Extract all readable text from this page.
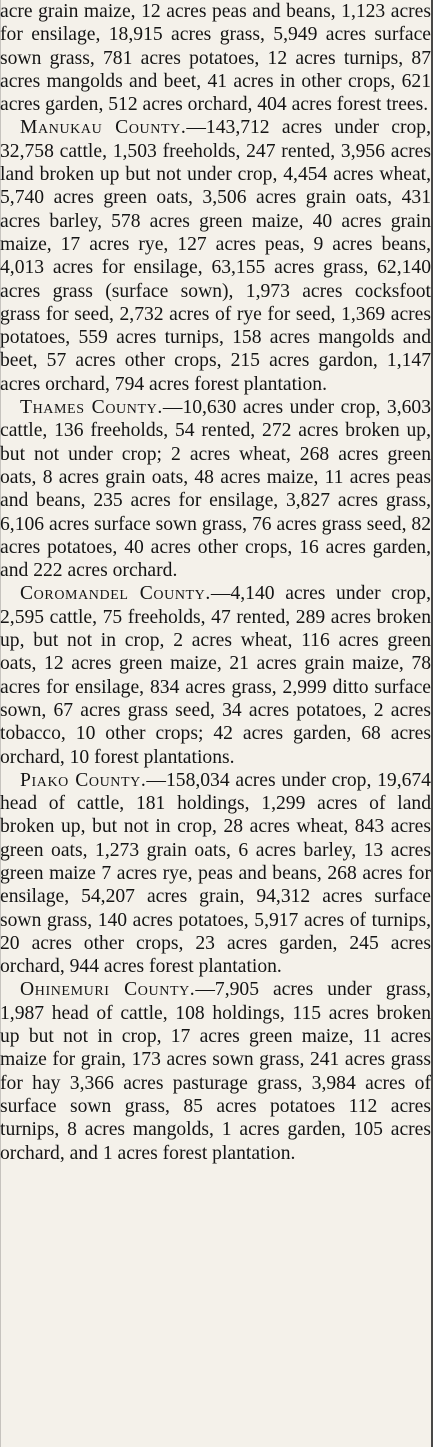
acre grain maize, 12 acres peas and beans, 1,123 acres for ensilage, 18,915 acres grass, 5,949 acres surface sown grass, 781 acres potatoes, 12 acres turnips, 87 acres mangolds and beet, 41 acres in other crops, 621 acres garden, 512 acres orchard, 404 acres forest trees.

Manukau County.—143,712 acres under crop, 32,758 cattle, 1,503 freeholds, 247 rented, 3,956 acres land broken up but not under crop, 4,454 acres wheat, 5,740 acres green oats, 3,506 acres grain oats, 431 acres barley, 578 acres green maize, 40 acres grain maize, 17 acres rye, 127 acres peas, 9 acres beans, 4,013 acres for ensilage, 63,155 acres grass, 62,140 acres grass (surface sown), 1,973 acres cocksfoot grass for seed, 2,732 acres of rye for seed, 1,369 acres potatoes, 559 acres turnips, 158 acres mangolds and beet, 57 acres other crops, 215 acres gardon, 1,147 acres orchard, 794 acres forest plantation.

Thames County.—10,630 acres under crop, 3,603 cattle, 136 freeholds, 54 rented, 272 acres broken up, but not under crop; 2 acres wheat, 268 acres green oats, 8 acres grain oats, 48 acres maize, 11 acres peas and beans, 235 acres for ensilage, 3,827 acres grass, 6,106 acres surface sown grass, 76 acres grass seed, 82 acres potatoes, 40 acres other crops, 16 acres garden, and 222 acres orchard.

Coromandel County.—4,140 acres under crop, 2,595 cattle, 75 freeholds, 47 rented, 289 acres broken up, but not in crop, 2 acres wheat, 116 acres green oats, 12 acres green maize, 21 acres grain maize, 78 acres for ensilage, 834 acres grass, 2,999 ditto surface sown, 67 acres grass seed, 34 acres potatoes, 2 acres tobacco, 10 other crops; 42 acres garden, 68 acres orchard, 10 forest plantations.

Piako County.—158,034 acres under crop, 19,674 head of cattle, 181 holdings, 1,299 acres of land broken up, but not in crop, 28 acres wheat, 843 acres green oats, 1,273 grain oats, 6 acres barley, 13 acres green maize 7 acres rye, peas and beans, 268 acres for ensilage, 54,207 acres grain, 94,312 acres surface sown grass, 140 acres potatoes, 5,917 acres of turnips, 20 acres other crops, 23 acres garden, 245 acres orchard, 944 acres forest plantation.

Ohinemuri County.—7,905 acres under grass, 1,987 head of cattle, 108 holdings, 115 acres broken up but not in crop, 17 acres green maize, 11 acres maize for grain, 173 acres sown grass, 241 acres grass for hay 3,366 acres pasturage grass, 3,984 acres of surface sown grass, 85 acres potatoes 112 acres turnips, 8 acres mangolds, 1 acres garden, 105 acres orchard, and 1 acres forest plantation.
